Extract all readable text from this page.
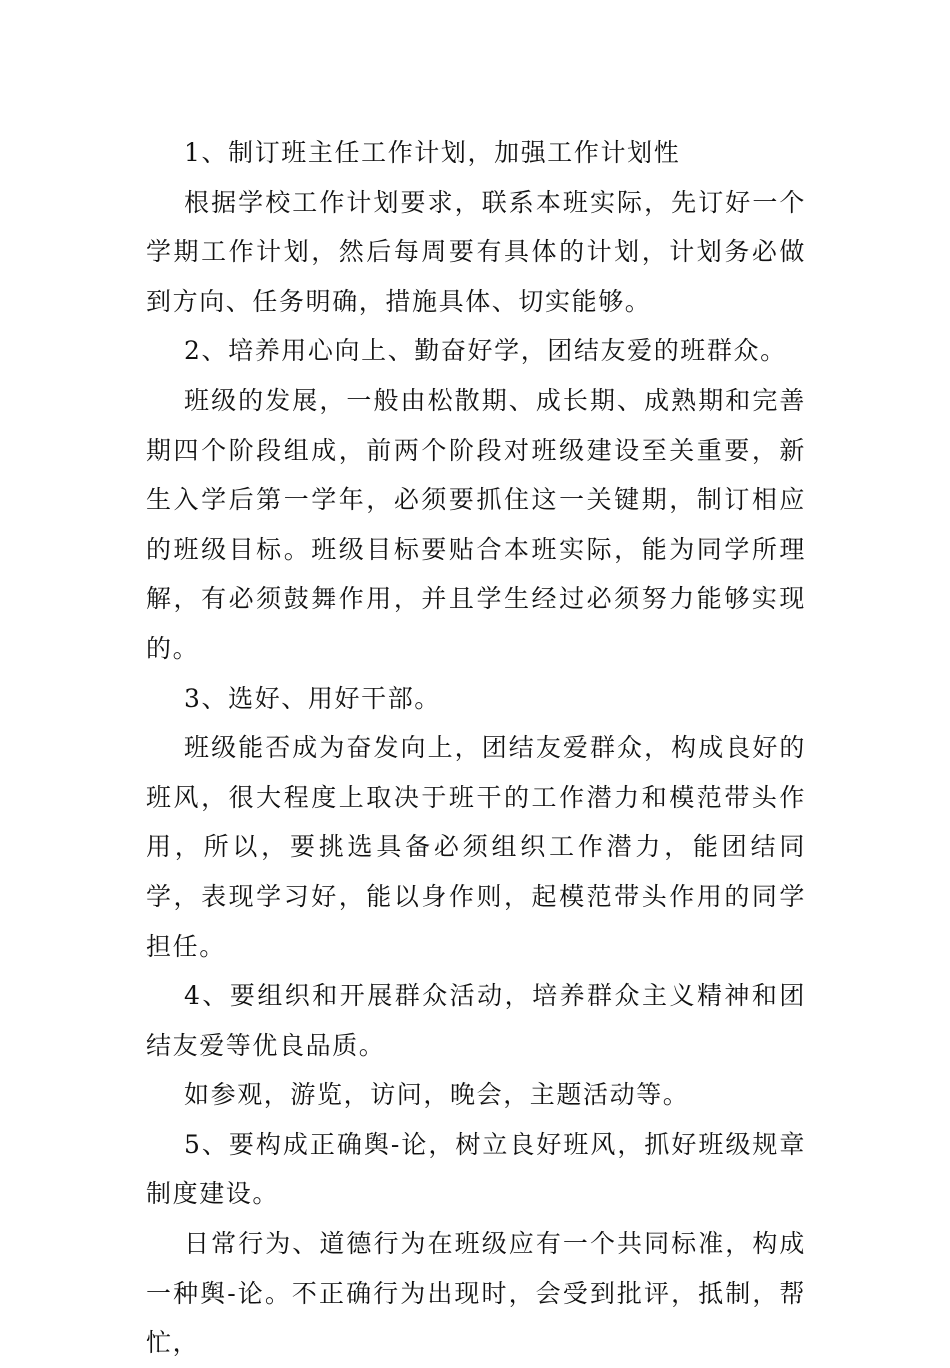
1、制订班主任工作计划，加强工作计划性

根据学校工作计划要求，联系本班实际，先订好一个学期工作计划，然后每周要有具体的计划，计划务必做到方向、任务明确，措施具体、切实能够。

2、培养用心向上、勤奋好学，团结友爱的班群众。

班级的发展，一般由松散期、成长期、成熟期和完善期四个阶段组成，前两个阶段对班级建设至关重要，新生入学后第一学年，必须要抓住这一关键期，制订相应的班级目标。班级目标要贴合本班实际，能为同学所理解，有必须鼓舞作用，并且学生经过必须努力能够实现的。

3、选好、用好干部。

班级能否成为奋发向上，团结友爱群众，构成良好的班风，很大程度上取决于班干的工作潜力和模范带头作用，所以，要挑选具备必须组织工作潜力，能团结同学，表现学习好，能以身作则，起模范带头作用的同学担任。

4、要组织和开展群众活动，培养群众主义精神和团结友爱等优良品质。

如参观，游览，访问，晚会，主题活动等。

5、要构成正确舆-论，树立良好班风，抓好班级规章制度建设。

日常行为、道德行为在班级应有一个共同标准，构成一种舆-论。不正确行为出现时，会受到批评，抵制，帮忙，
